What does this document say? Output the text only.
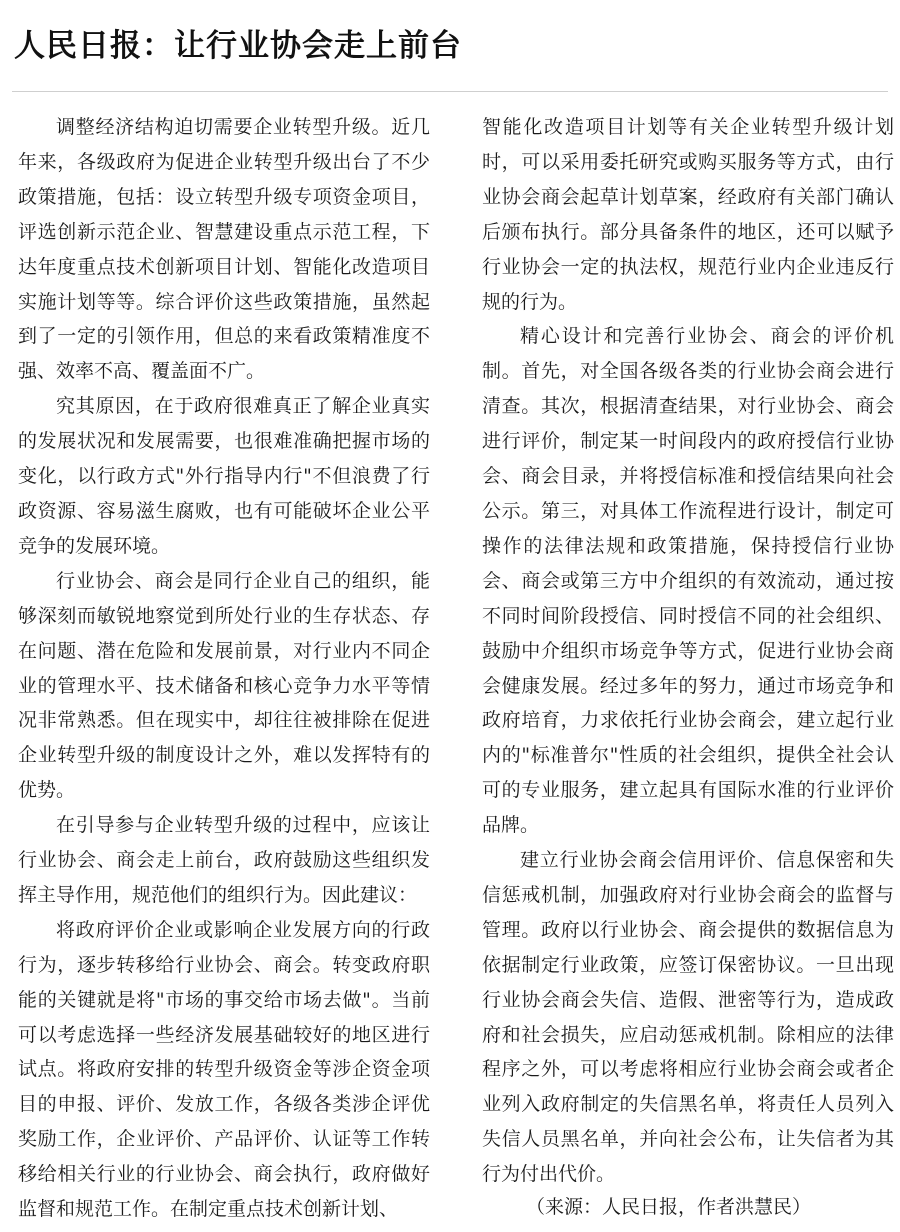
人民日报：让行业协会走上前台

调整经济结构迫切需要企业转型升级。近几年来，各级政府为促进企业转型升级出台了不少政策措施，包括：设立转型升级专项资金项目，评选创新示范企业、智慧建设重点示范工程，下达年度重点技术创新项目计划、智能化改造项目实施计划等等。综合评价这些政策措施，虽然起到了一定的引领作用，但总的来看政策精准度不强、效率不高、覆盖面不广。

究其原因，在于政府很难真正了解企业真实的发展状况和发展需要，也很难准确把握市场的变化，以行政方式"外行指导内行"不但浪费了行政资源、容易滋生腐败，也有可能破坏企业公平竞争的发展环境。

行业协会、商会是同行企业自己的组织，能够深刻而敏锐地察觉到所处行业的生存状态、存在问题、潜在危险和发展前景，对行业内不同企业的管理水平、技术储备和核心竞争力水平等情况非常熟悉。但在现实中，却往往被排除在促进企业转型升级的制度设计之外，难以发挥特有的优势。

在引导参与企业转型升级的过程中，应该让行业协会、商会走上前台，政府鼓励这些组织发挥主导作用，规范他们的组织行为。因此建议：

将政府评价企业或影响企业发展方向的行政行为，逐步转移给行业协会、商会。转变政府职能的关键就是将"市场的事交给市场去做"。当前可以考虑选择一些经济发展基础较好的地区进行试点。将政府安排的转型升级资金等涉企资金项目的申报、评价、发放工作，各级各类涉企评优奖励工作，企业评价、产品评价、认证等工作转移给相关行业的行业协会、商会执行，政府做好监督和规范工作。在制定重点技术创新计划、

智能化改造项目计划等有关企业转型升级计划时，可以采用委托研究或购买服务等方式，由行业协会商会起草计划草案，经政府有关部门确认后颁布执行。部分具备条件的地区，还可以赋予行业协会一定的执法权，规范行业内企业违反行规的行为。

精心设计和完善行业协会、商会的评价机制。首先，对全国各级各类的行业协会商会进行清查。其次，根据清查结果，对行业协会、商会进行评价，制定某一时间段内的政府授信行业协会、商会目录，并将授信标准和授信结果向社会公示。第三，对具体工作流程进行设计，制定可操作的法律法规和政策措施，保持授信行业协会、商会或第三方中介组织的有效流动，通过按不同时间阶段授信、同时授信不同的社会组织、鼓励中介组织市场竞争等方式，促进行业协会商会健康发展。经过多年的努力，通过市场竞争和政府培育，力求依托行业协会商会，建立起行业内的"标准普尔"性质的社会组织，提供全社会认可的专业服务，建立起具有国际水准的行业评价品牌。

建立行业协会商会信用评价、信息保密和失信惩戒机制，加强政府对行业协会商会的监督与管理。政府以行业协会、商会提供的数据信息为依据制定行业政策，应签订保密协议。一旦出现行业协会商会失信、造假、泄密等行为，造成政府和社会损失，应启动惩戒机制。除相应的法律程序之外，可以考虑将相应行业协会商会或者企业列入政府制定的失信黑名单，将责任人员列入失信人员黑名单，并向社会公布，让失信者为其行为付出代价。

（来源：人民日报，作者洪慧民）
